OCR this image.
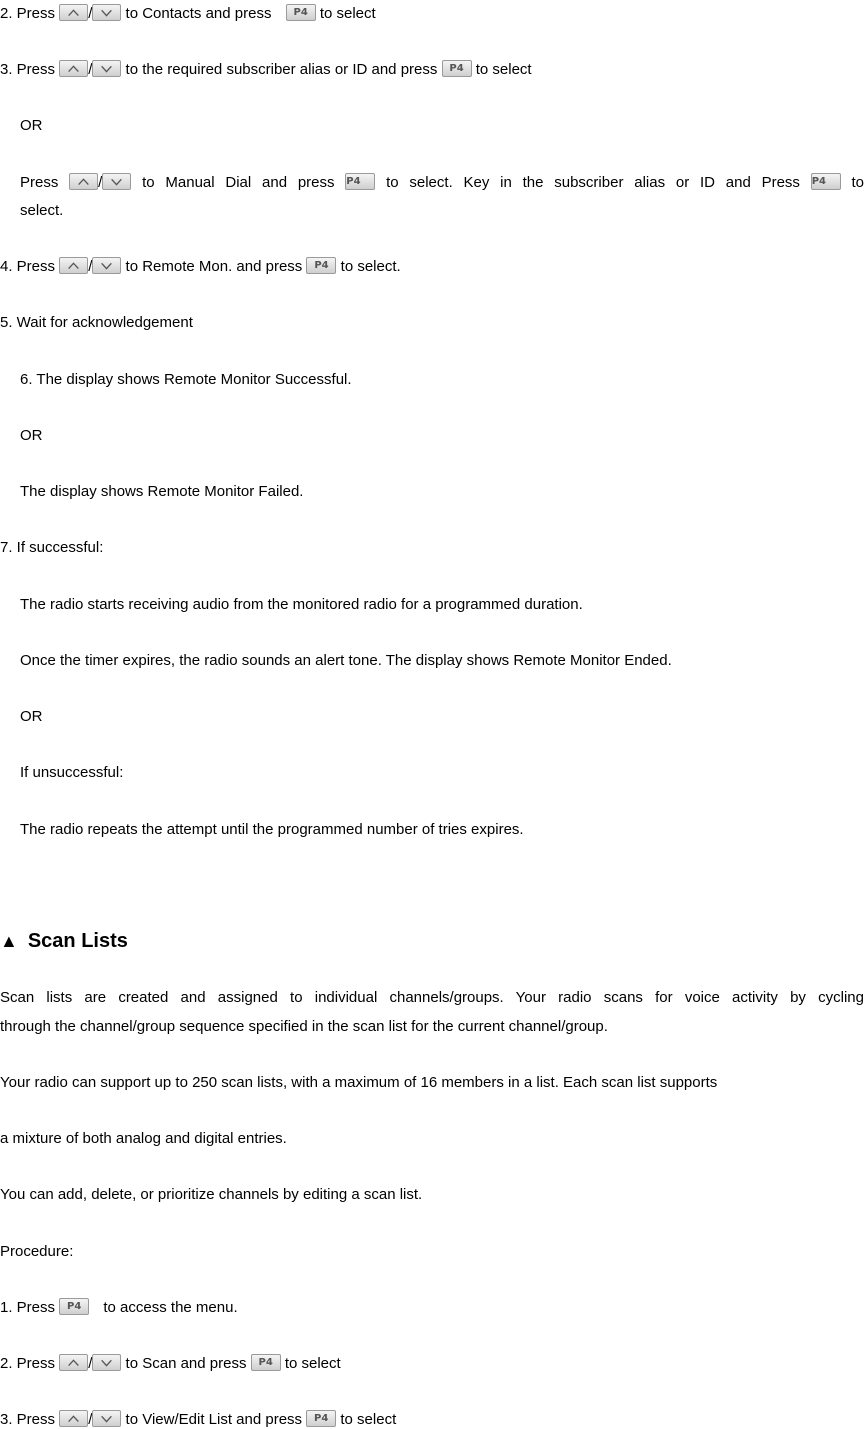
2. Press / to Contacts and press	P4 to select
3. Press / to the required subscriber alias or ID and press	P4 to select
OR
Press	/	to Manual Dial and press P4	to select. Key in the subscriber alias or ID and Press P4	to
select.
4. Press / to Remote Mon. and press	P4 to select.
5. Wait for acknowledgement
6. The display shows Remote Monitor Successful.
OR
The display shows Remote Monitor Failed.
7. If successful:
The radio starts receiving audio from the monitored radio for a programmed duration.
Once the timer expires, the radio sounds an alert tone. The display shows Remote Monitor Ended.
OR
If unsuccessful:
The radio repeats the attempt until the programmed number of tries expires.
▲ Scan Lists
Scan lists are created and assigned to individual channels/groups. Your radio scans for voice activity by cycling
through the channel/group sequence specified in the scan list for the current channel/group.
Your radio can support up to 250 scan lists, with a maximum of 16 members in a list. Each scan list supports
a mixture of both analog and digital entries.
You can add, delete, or prioritize channels by editing a scan list.
Procedure:
1. Press	P4	to access the menu.
2. Press / to Scan and press	P4 to select
3. Press / to View/Edit List and press	P4 to select
